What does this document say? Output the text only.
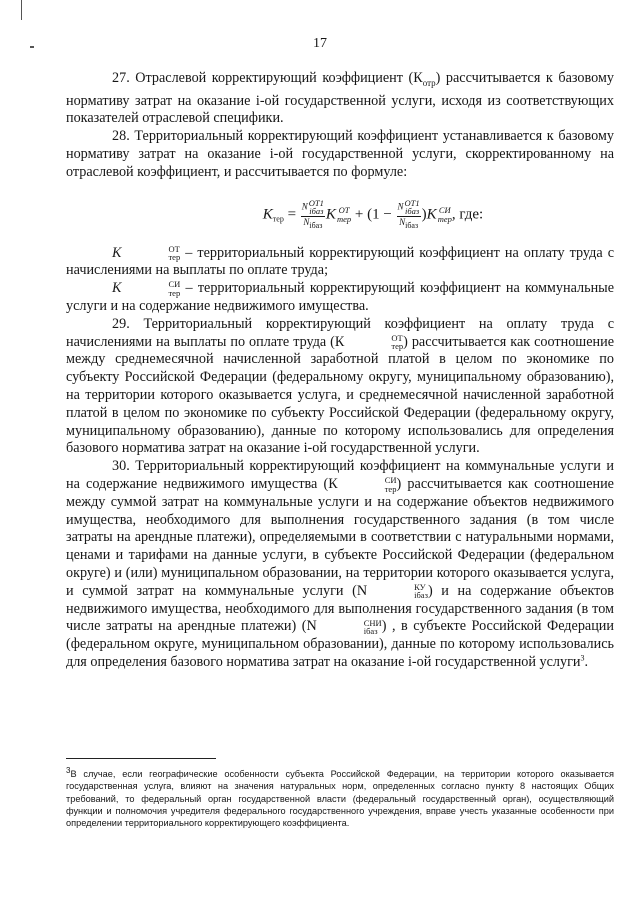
17

27. Отраслевой корректирующий коэффициент $(К_{отр})$ рассчитывается к базовому нормативу затрат на оказание i-ой государственной услуги, исходя из соответствующих показателей отраслевой специфики.

28. Территориальный корректирующий коэффициент устанавливается к базовому нормативу затрат на оказание i-ой государственной услуги, скорректированному на отраслевой коэффициент, и рассчитывается по формуле:

$K_{тер} = N$ ОТ1
iбаз
Niбаз K ОТ
тер + (1 − N ОТ1
iбаз
Niбаз )K СИ
тер , где:

K	ОТ
тер – территориальный корректирующий коэффициент на оплату труда с начислениями на выплаты по оплате труда;

K	СИ
тер – территориальный корректирующий коэффициент на коммунальные услуги и на содержание недвижимого имущества.

29. Территориальный корректирующий коэффициент на оплату труда с начислениями на выплаты по оплате труда (К	ОТ
тер ) рассчитывается как соотношение между среднемесячной начисленной заработной платой в целом по экономике по субъекту Российской Федерации (федеральному округу, муниципальному образованию), на территории которого оказывается услуга, и среднемесячной начисленной заработной платой в целом по экономике по субъекту Российской Федерации (федеральному округу, муниципальному образованию), данные по которому использовались для определения базового норматива затрат на оказание i-ой государственной услуги.

30. Территориальный корректирующий коэффициент на коммунальные услуги и на содержание недвижимого имущества (К	СИ
тер ) рассчитывается как соотношение между суммой затрат на коммунальные услуги и на содержание объектов недвижимого имущества, необходимого для выполнения государственного задания (в том числе затраты на арендные платежи), определяемыми в соответствии с натуральными нормами, ценами и тарифами на данные услуги, в субъекте Российской Федерации (федеральном округе) и (или) муниципальном образовании, на территории которого оказывается услуга, и суммой затрат на коммунальные услуги (N	КУ
iбаз ) и на содержание объектов недвижимого имущества, необходимого для выполнения государственного задания (в том числе затраты на арендные платежи) (N	СНИ
iбаз ) , в субъекте Российской Федерации (федеральном округе, муниципальном образовании), данные по которому использовались для определения базового норматива затрат на оказание i-ой государственной услуги$^3$.

$^3$В случае, если географические особенности субъекта Российской Федерации, на территории которого оказывается государственная услуга, влияют на значения натуральных норм, определенных согласно пункту 8 настоящих Общих требований, то федеральный орган государственной власти (федеральный государственный орган), осуществляющий функции и полномочия учредителя федерального государственного учреждения, вправе учесть указанные особенности при определении территориального корректирующего коэффициента.
